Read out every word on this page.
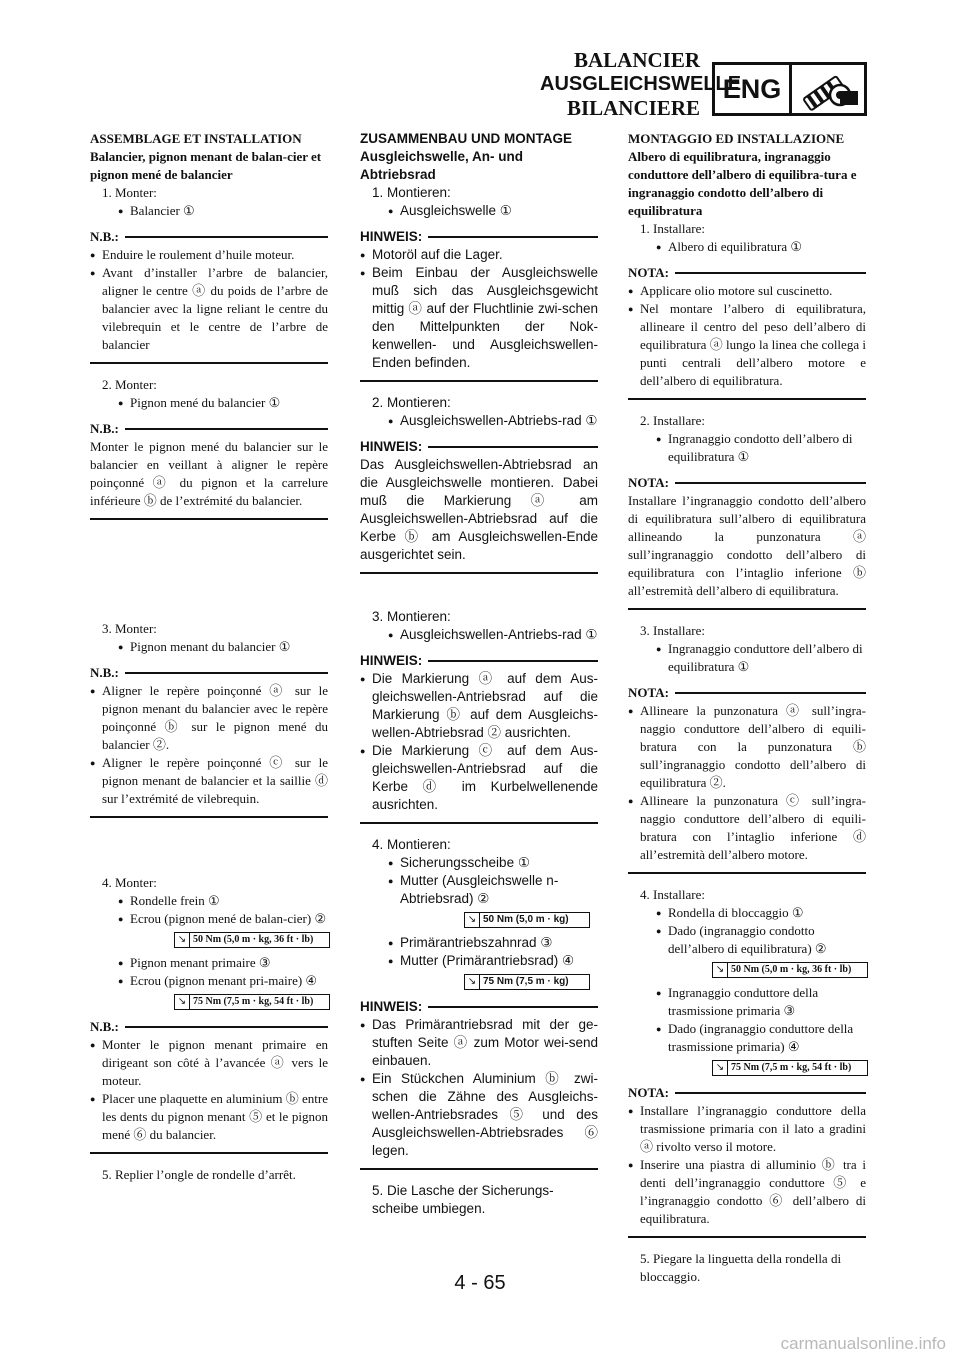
BALANCIER
AUSGLEICHSWELLE
BILANCIERE
ENG

ASSEMBLAGE ET INSTALLATION

Balancier, pignon menant de balan-cier et pignon mené de balancier

1. Monter:
● Balancier ①
N.B.:
● Enduire le roulement d’huile moteur.
● Avant d’installer l’arbre de balancier, aligner le centre ⓐ du poids de l’arbre de balancier avec la ligne reliant le centre du vilebrequin et le centre de l’arbre de balancier
2. Monter:
● Pignon mené du balancier ①
N.B.:
Monter le pignon mené du balancier sur le balancier en veillant à aligner le repère poinçonné ⓐ du pignon et la carrelure inférieure ⓑ de l’extrémité du balancier.
3. Monter:
● Pignon menant du balancier ①
N.B.:
● Aligner le repère poinçonné ⓐ sur le pignon menant du balancier avec le repère poinçonné ⓑ sur le pignon mené du balancier ②.
● Aligner le repère poinçonné ⓒ sur le pignon menant de balancier et la saillie ⓓ sur l’extrémité de vilebrequin.
4. Monter:
● Rondelle frein ①
● Ecrou (pignon mené de balan-cier) ②
↘ 50 Nm (5,0 m · kg, 36 ft · lb)
● Pignon menant primaire ③
● Ecrou (pignon menant pri-maire) ④
↘ 75 Nm (7,5 m · kg, 54 ft · lb)
N.B.:
● Monter le pignon menant primaire en dirigeant son côté à l’avancée ⓐ vers le moteur.
● Placer une plaquette en aluminium ⓑ entre les dents du pignon menant ⑤ et le pignon mené ⑥ du balancier.
5. Replier l’ongle de rondelle d’arrêt.

ZUSAMMENBAU UND MONTAGE

Ausgleichswelle, An- und Abtriebsrad

1. Montieren:
● Ausgleichswelle ①
HINWEIS:
● Motoröl auf die Lager.
● Beim Einbau der Ausgleichswelle muß sich das Ausgleichsgewicht mittig ⓐ auf der Fluchtlinie zwi-schen den Mittelpunkten der Nok-kenwellen- und Ausgleichswellen-Enden befinden.
2. Montieren:
● Ausgleichswellen-Abtriebs-rad ①
HINWEIS:
Das Ausgleichswellen-Abtriebsrad an die Ausgleichswelle montieren. Dabei muß die Markierung ⓐ am Ausgleichswellen-Abtriebsrad auf die Kerbe ⓑ am Ausgleichswellen-Ende ausgerichtet sein.
3. Montieren:
● Ausgleichswellen-Antriebs-rad ①
HINWEIS:
● Die Markierung ⓐ auf dem Aus-gleichswellen-Antriebsrad auf die Markierung ⓑ auf dem Ausgleichs-wellen-Abtriebsrad ② ausrichten.
● Die Markierung ⓒ auf dem Aus-gleichswellen-Antriebsrad auf die Kerbe ⓓ im Kurbelwellenende ausrichten.
4. Montieren:
● Sicherungsscheibe ①
● Mutter (Ausgleichswelle n-Abtriebsrad) ②
↘ 50 Nm (5,0 m · kg)
● Primärantriebszahnrad ③
● Mutter (Primärantriebsrad) ④
↘ 75 Nm (7,5 m · kg)
HINWEIS:
● Das Primärantriebsrad mit der ge-stuften Seite ⓐ zum Motor wei-send einbauen.
● Ein Stückchen Aluminium ⓑ zwi-schen die Zähne des Ausgleichs-wellen-Antriebsrades ⑤ und des Ausgleichswellen-Abtriebsrades ⑥ legen.
5. Die Lasche der Sicherungs-scheibe umbiegen.

MONTAGGIO ED INSTALLAZIONE

Albero di equilibratura, ingranaggio conduttore dell’albero di equilibra-tura e ingranaggio condotto dell’albero di equilibratura

1. Installare:
● Albero di equilibratura ①
NOTA:
● Applicare olio motore sul cuscinetto.
● Nel montare l’albero di equilibratura, allineare il centro del peso dell’albero di equilibratura ⓐ lungo la linea che collega i punti centrali dell’albero motore e dell’albero di equilibratura.
2. Installare:
● Ingranaggio condotto dell’albero di equilibratura ①
NOTA:
Installare l’ingranaggio condotto dell’albero di equilibratura sull’albero di equilibratura allineando la punzonatura ⓐ sull’ingranaggio condotto dell’albero di equilibratura con l’intaglio inferione ⓑ all’estremità dell’albero di equilibratura.
3. Installare:
● Ingranaggio conduttore dell’albero di equilibratura ①
NOTA:
● Allineare la punzonatura ⓐ sull’ingra-naggio conduttore dell’albero di equili-bratura con la punzonatura ⓑ sull’ingranaggio condotto dell’albero di equilibratura ②.
● Allineare la punzonatura ⓒ sull’ingra-naggio conduttore dell’albero di equili-bratura con l’intaglio inferione ⓓ all’estremità dell’albero motore.
4. Installare:
● Rondella di bloccaggio ①
● Dado (ingranaggio condotto dell’albero di equilibratura) ②
↘ 50 Nm (5,0 m · kg, 36 ft · lb)
● Ingranaggio conduttore della trasmissione primaria ③
● Dado (ingranaggio conduttore della trasmissione primaria) ④
↘ 75 Nm (7,5 m · kg, 54 ft · lb)
NOTA:
● Installare l’ingranaggio conduttore della trasmissione primaria con il lato a gradini ⓐ rivolto verso il motore.
● Inserire una piastra di alluminio ⓑ tra i denti dell’ingranaggio conduttore ⑤ e l’ingranaggio condotto ⑥ dell’albero di equilibratura.
5. Piegare la linguetta della rondella di bloccaggio.
4 - 65
carmanualsonline.info
